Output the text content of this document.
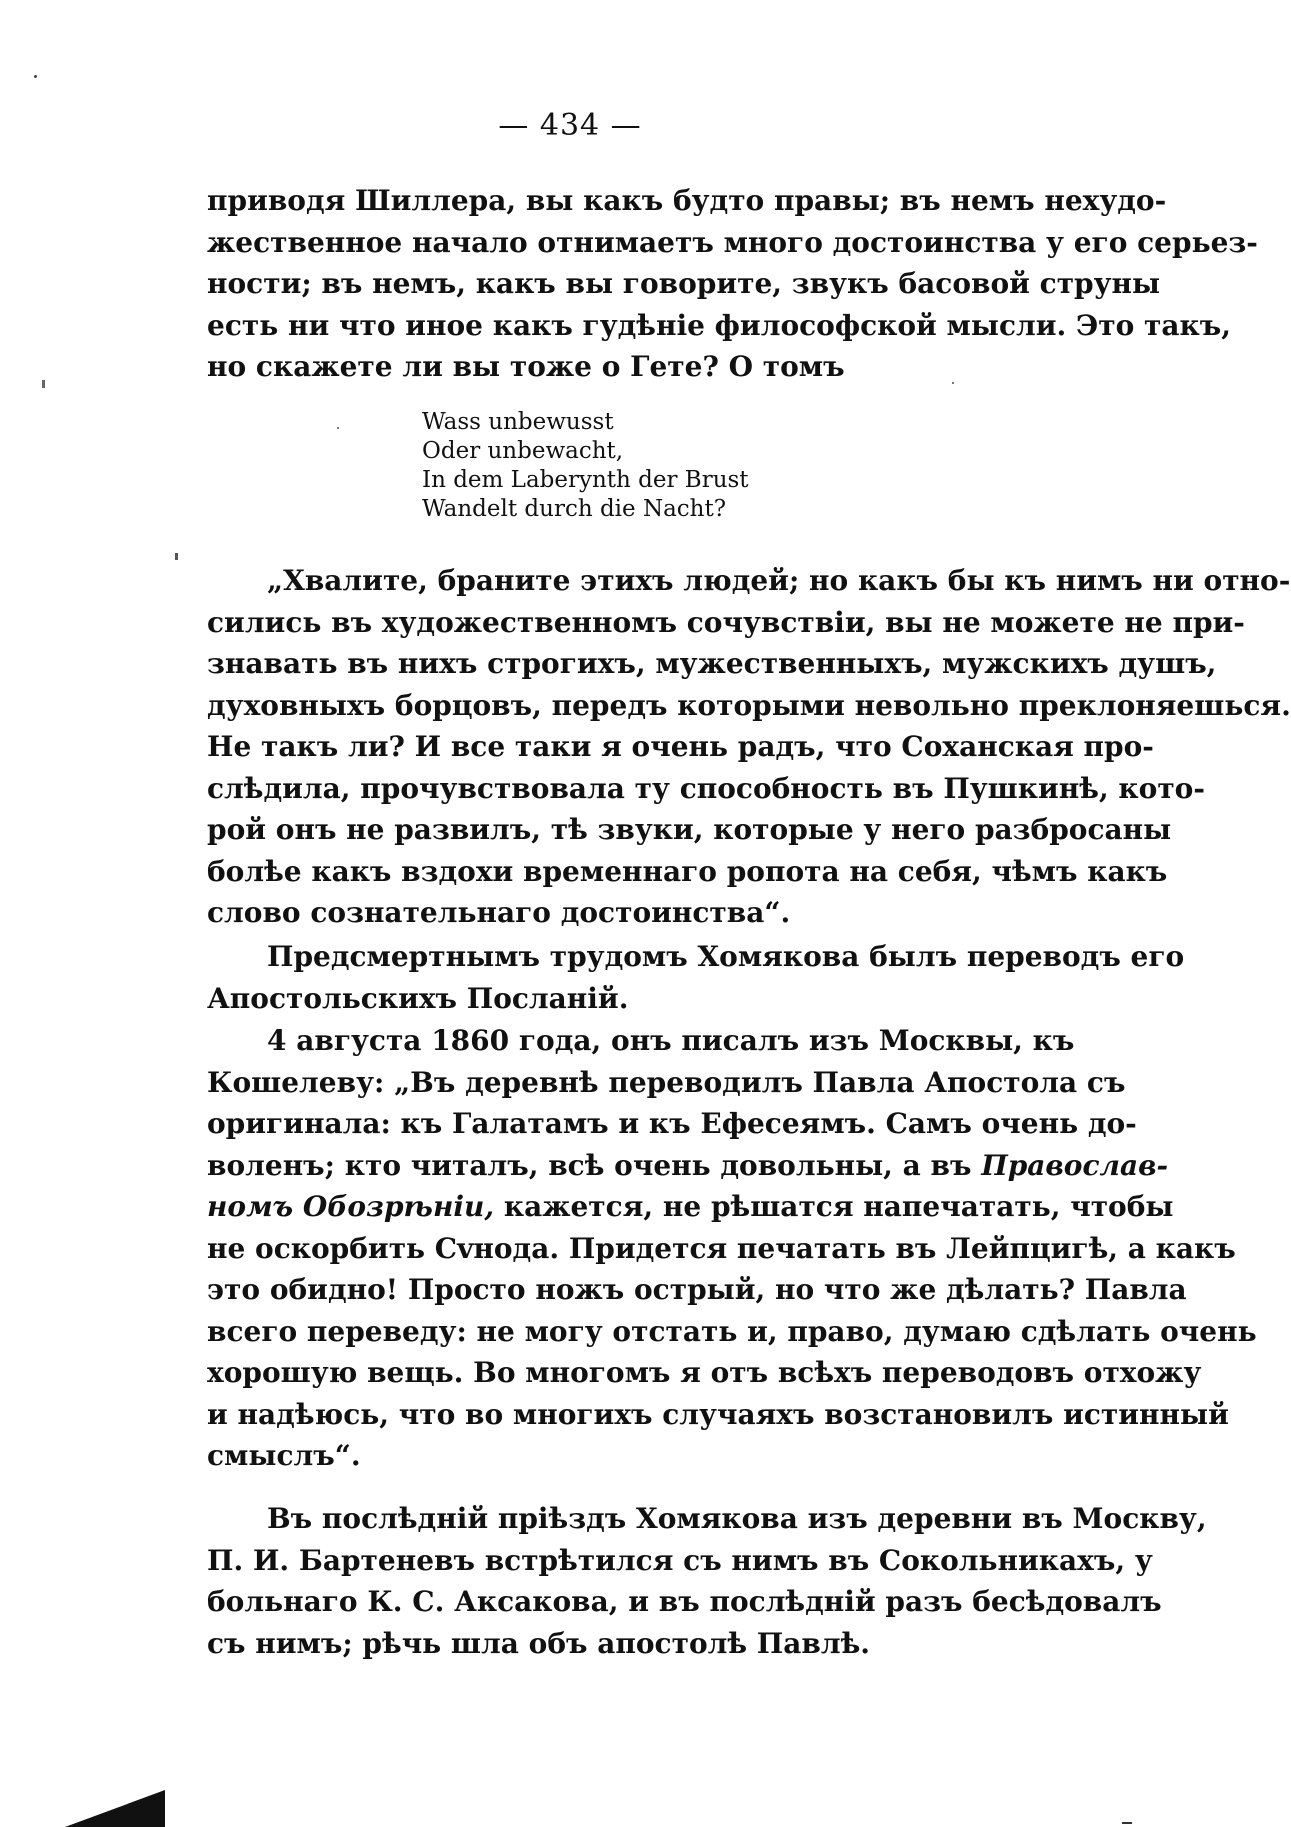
— 434 —
приводя Шиллера, вы какъ будто правы; въ немъ нехудо-
жественное начало отнимаетъ много достоинства у его серьез-
ности; въ немъ, какъ вы говорите, звукъ басовой струны
есть ни что иное какъ гудѣніе философской мысли. Это такъ,
но скажете ли вы тоже о Гете? О томъ
Wass unbewusst
Oder unbewacht,
In dem Laberynth der Brust
Wandelt durch die Nacht?
„Хвалите, браните этихъ людей; но какъ бы къ нимъ ни отно-
сились въ художественномъ сочувствіи, вы не можете не при-
знавать въ нихъ строгихъ, мужественныхъ, мужскихъ душъ,
духовныхъ борцовъ, передъ которыми невольно преклоняешься.
Не такъ ли? И все таки я очень радъ, что Соханская про-
слѣдила, прочувствовала ту способность въ Пушкинѣ, кото-
рой онъ не развилъ, тѣ звуки, которые у него разбросаны
болѣе какъ вздохи временнаго ропота на себя, чѣмъ какъ
слово сознательнаго достоинства“.
Предсмертнымъ трудомъ Хомякова былъ переводъ его
Апостольскихъ Посланій.
4 августа 1860 года, онъ писалъ изъ Москвы, къ
Кошелеву: „Въ деревнѣ переводилъ Павла Апостола съ
оригинала: къ Галатамъ и къ Ефесеямъ. Самъ очень до-
воленъ; кто читалъ, всѣ очень довольны, а въ Православ-
номъ Обозрѣніи, кажется, не рѣшатся напечатать, чтобы
не оскорбить Сvнода. Придется печатать въ Лейпцигѣ, а какъ
это обидно! Просто ножъ острый, но что же дѣлать? Павла
всего переведу: не могу отстать и, право, думаю сдѣлать очень
хорошую вещь. Во многомъ я отъ всѣхъ переводовъ отхожу
и надѣюсь, что во многихъ случаяхъ возстановилъ истинный
смыслъ“.
Въ послѣдній пріѣздъ Хомякова изъ деревни въ Москву,
П. И. Бартеневъ встрѣтился съ нимъ въ Сокольникахъ, у
больнаго К. С. Аксакова, и въ послѣдній разъ бесѣдовалъ
съ нимъ; рѣчь шла объ апостолѣ Павлѣ.
